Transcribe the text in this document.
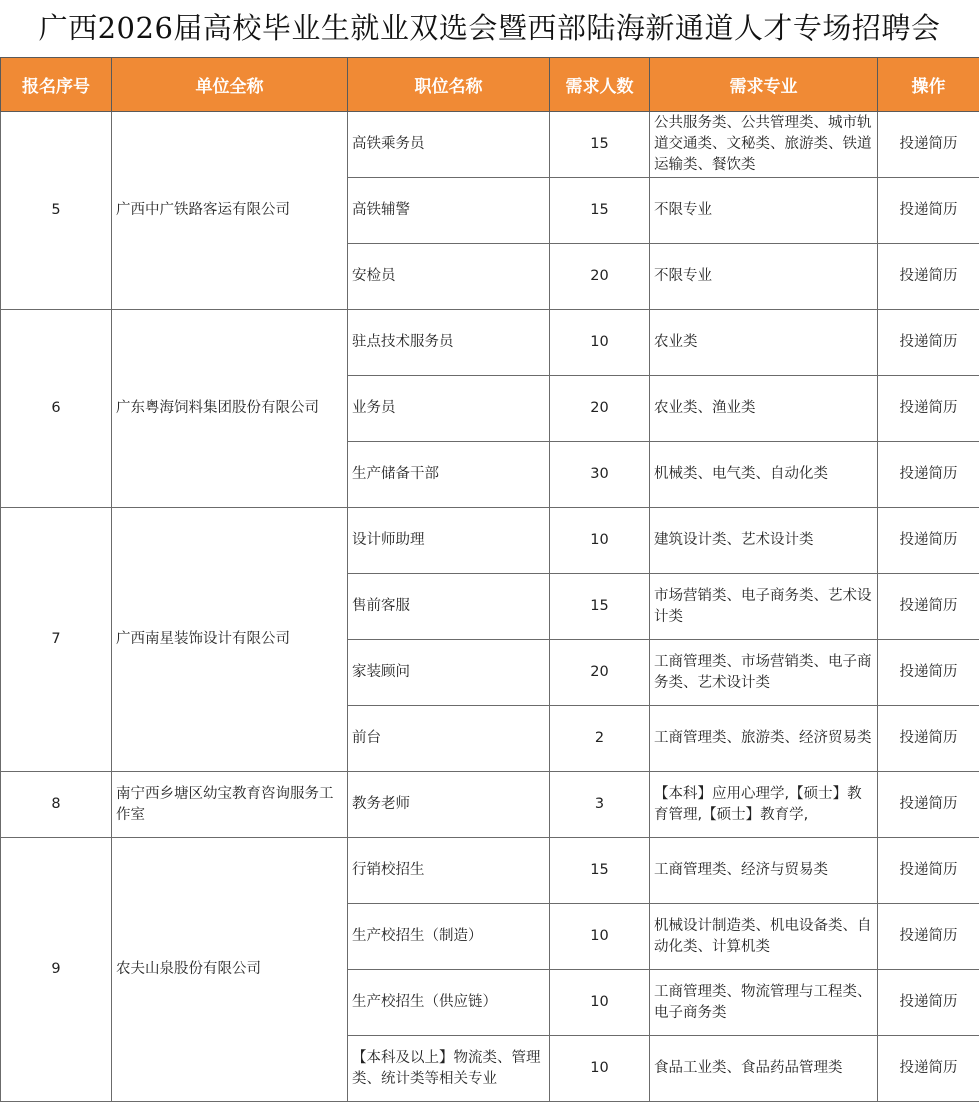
广西2026届高校毕业生就业双选会暨西部陆海新通道人才专场招聘会
报名序号	单位全称	职位名称	需求人数	需求专业	操作
5	广西中广铁路客运有限公司	高铁乘务员	15	公共服务类、公共管理类、城市轨道交通类、文秘类、旅游类、铁道运输类、餐饮类	投递简历
		高铁辅警	15	不限专业	投递简历
		安检员	20	不限专业	投递简历
6	广东粤海饲料集团股份有限公司	驻点技术服务员	10	农业类	投递简历
		业务员	20	农业类、渔业类	投递简历
		生产储备干部	30	机械类、电气类、自动化类	投递简历
7	广西南星装饰设计有限公司	设计师助理	10	建筑设计类、艺术设计类	投递简历
		售前客服	15	市场营销类、电子商务类、艺术设计类	投递简历
		家装顾问	20	工商管理类、市场营销类、电子商务类、艺术设计类	投递简历
		前台	2	工商管理类、旅游类、经济贸易类	投递简历
8	南宁西乡塘区幼宝教育咨询服务工作室	教务老师	3	【本科】应用心理学,【硕士】教育管理,【硕士】教育学,	投递简历
9	农夫山泉股份有限公司	行销校招生	15	工商管理类、经济与贸易类	投递简历
		生产校招生（制造）	10	机械设计制造类、机电设备类、自动化类、计算机类	投递简历
		生产校招生（供应链）	10	工商管理类、物流管理与工程类、电子商务类	投递简历
		【本科及以上】物流类、管理类、统计类等相关专业	10	食品工业类、食品药品管理类	投递简历
